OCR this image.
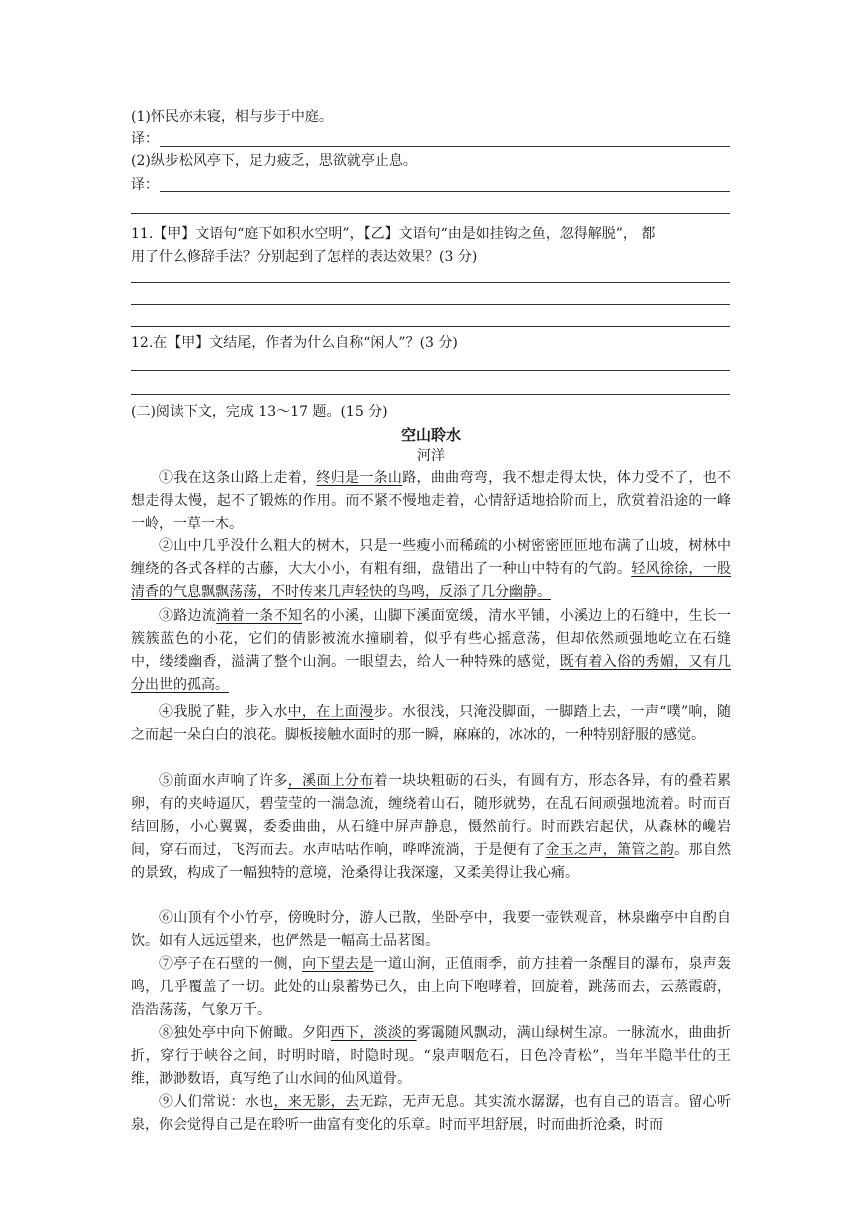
(1)怀民亦未寝，相与步于中庭。
译：
(2)纵步松风亭下，足力疲乏，思欲就亭止息。
译：
11.【甲】文语句“庭下如积水空明”，【乙】文语句“由是如挂钩之鱼，忽得解脱”， 都
用了什么修辞手法？分别起到了怎样的表达效果？(3 分)
12.在【甲】文结尾，作者为什么自称“闲人”？(3 分)
(二)阅读下文，完成 13～17 题。(15 分)
空山聆水
河洋
①我在这条山路上走着，终归是一条山路，曲曲弯弯，我不想走得太快，体力受不了，也不想走得太慢，起不了锻炼的作用。而不紧不慢地走着，心情舒适地拾阶而上，欣赏着沿途的一峰一岭，一草一木。
②山中几乎没什么粗大的树木，只是一些瘦小而稀疏的小树密密匝匝地布满了山坡，树林中缠绕的各式各样的古藤，大大小小，有粗有细，盘错出了一种山中特有的气韵。轻风徐徐，一股清香的气息飘飘荡荡，不时传来几声轻快的鸟鸣，反添了几分幽静。
③路边流淌着一条不知名的小溪，山脚下溪面宽缓，清水平铺，小溪边上的石缝中，生长一簇簇蓝色的小花，它们的倩影被流水撞刷着，似乎有些心摇意荡，但却依然顽强地屹立在石缝中，缕缕幽香，溢满了整个山涧。一眼望去，给人一种特殊的感觉，既有着入俗的秀媚，又有几分出世的孤高。
④我脱了鞋，步入水中，在上面漫步。水很浅，只淹没脚面，一脚踏上去，一声“噗”响，随之而起一朵白白的浪花。脚板接触水面时的那一瞬，麻麻的，冰冰的，一种特别舒服的感觉。
⑤前面水声响了许多，溪面上分布着一块块粗砺的石头，有圆有方，形态各异，有的叠若累卵，有的夹峙逼仄，碧莹莹的一湍急流，缠绕着山石，随形就势，在乱石间顽强地流着。时而百结回肠，小心翼翼，委委曲曲，从石缝中屏声静息，慑然前行。时而跌宕起伏，从森林的巉岩间，穿石而过，飞泻而去。水声咕咕作响，哗哗流淌，于是便有了金玉之声，箫管之韵。那自然的景致，构成了一幅独特的意境，沧桑得让我深邃，又柔美得让我心痛。
⑥山顶有个小竹亭，傍晚时分，游人已散，坐卧亭中，我要一壶铁观音，林泉幽亭中自酌自饮。如有人远远望来，也俨然是一幅高士品茗图。
⑦亭子在石壁的一侧，向下望去是一道山涧，正值雨季，前方挂着一条醒目的瀑布，泉声轰鸣，几乎覆盖了一切。此处的山泉蓄势已久，由上向下咆哮着，回旋着，跳荡而去，云蒸霞蔚，浩浩荡荡，气象万千。
⑧独处亭中向下俯瞰。夕阳西下，淡淡的雾霭随风飘动，满山绿树生凉。一脉流水，曲曲折折，穿行于峡谷之间，时明时暗，时隐时现。“泉声咽危石，日色冷青松”，当年半隐半仕的王维，渺渺数语，真写绝了山水间的仙风道骨。
⑨人们常说：水也，来无影，去无踪，无声无息。其实流水潺潺，也有自己的语言。留心听泉，你会觉得自己是在聆听一曲富有变化的乐章。时而平坦舒展，时而曲折沧桑，时而
